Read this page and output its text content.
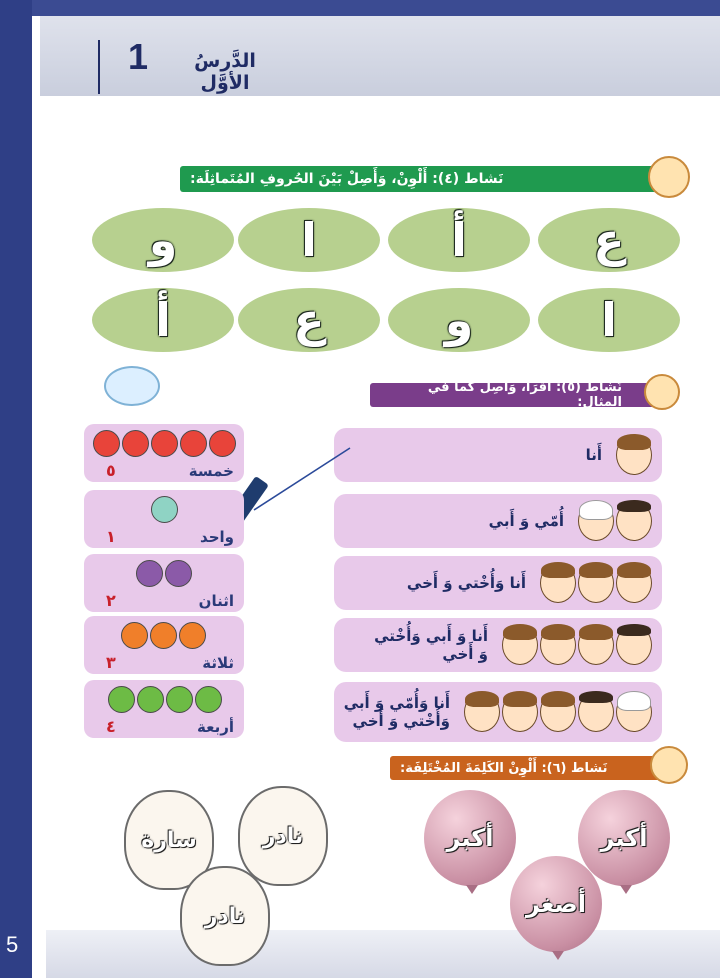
1	الدَّرسُ الأوَّل
5
نَشاط (٤): أَلْوِنْ، وَأَصِلْ بَيْنَ الحُروفِ المُتَماثِلَة:
ع
أ
ا
و
ا
و
ع
أ
نَشاط (٥): أَقْرَأْ، وَأَصِلْ كَما في المِثال:
أَنا
أُمّي وَ أَبي
أَنا وَأُخْتي وَ أَخي
أَنا وَ أَبي وَأُخْتي
وَ أَخي
أَنا وَأُمّي وَ أَبي
وَأُخْتي وَ أَخي
خمسة
٥
واحد
١
اثنان
٢
ثلاثة
٣
أربعة
٤
نَشاط (٦): أَلْوِنْ الكَلِمَةَ المُخْتَلِفَة:
أكبر
أكبر
أصغر
سارة	نادر
نادر
